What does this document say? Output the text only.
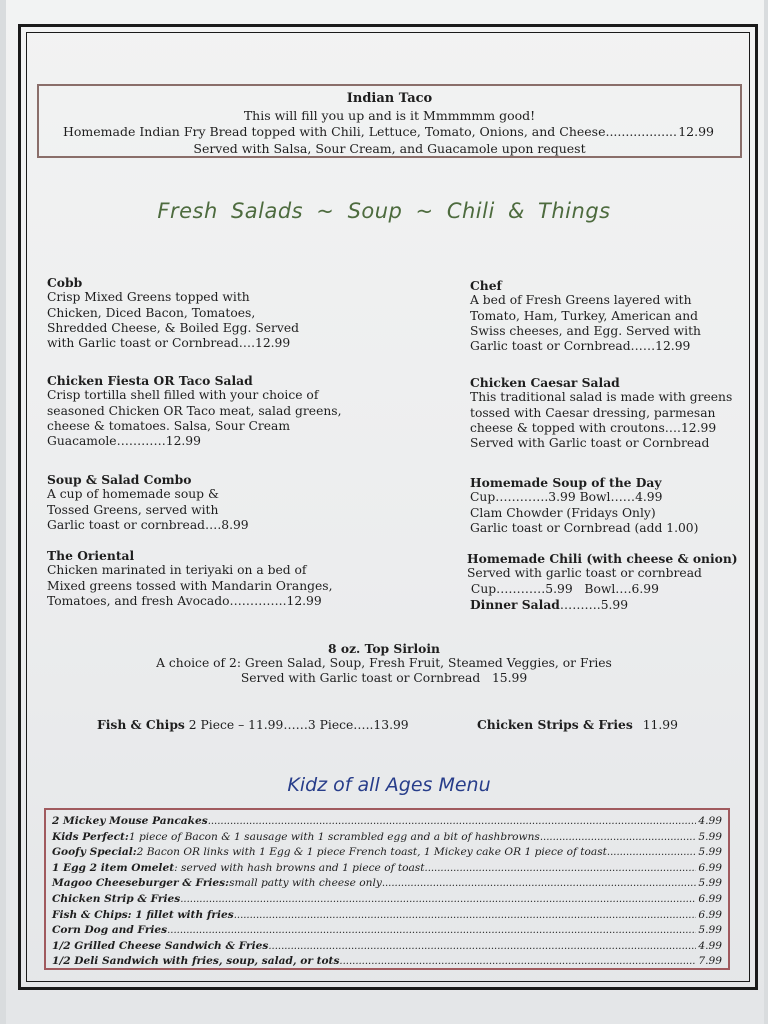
Indian Taco
This will fill you up and is it Mmmmmm good!
Homemade Indian Fry Bread topped with Chili, Lettuce, Tomato, Onions, and Cheese .....	12.99
Served with Salsa, Sour Cream, and Guacamole upon request
Fresh Salads ~ Soup ~ Chili & Things
Cobb
Crisp Mixed Greens topped with
Chicken, Diced Bacon, Tomatoes,
Shredded Cheese, & Boiled Egg. Served
with Garlic toast or Cornbread….12.99
Chicken Fiesta OR Taco Salad
Crisp tortilla shell filled with your choice of
seasoned Chicken OR Taco meat, salad greens,
cheese & tomatoes. Salsa, Sour Cream
Guacamole…………12.99
Soup & Salad Combo
A cup of homemade soup &
Tossed Greens, served with
Garlic toast or cornbread….8.99
The Oriental
Chicken marinated in teriyaki on a bed of
Mixed greens tossed with Mandarin Oranges,
Tomatoes, and fresh Avocado…………..12.99
Chef
A bed of Fresh Greens layered with
Tomato, Ham, Turkey, American and
Swiss cheeses, and Egg. Served with
Garlic toast or Cornbread……12.99
Chicken Caesar Salad
This traditional salad is made with greens
tossed with Caesar dressing, parmesan
cheese & topped with croutons….12.99
Served with Garlic toast or Cornbread
Homemade Soup of the Day
Cup………….3.99 Bowl……4.99
Clam Chowder (Fridays Only)
Garlic toast or Cornbread (add 1.00)
Homemade Chili (with cheese & onion)
Served with garlic toast or cornbread
Cup…………5.99   Bowl….6.99
Dinner Salad……….5.99
8 oz. Top Sirloin
A choice of 2: Green Salad, Soup, Fresh Fruit, Steamed Veggies, or Fries
Served with Garlic toast or Cornbread   15.99
Fish & Chips 2 Piece – 11.99……3 Piece…..13.99	Chicken Strips & Fries 11.99
Kidz of all Ages Menu
2 Mickey Mouse Pancakes .....	4.99
Kids Perfect: 1 piece of Bacon & 1 sausage with 1 scrambled egg and a bit of hashbrowns .....	5.99
Goofy Special: 2 Bacon OR links with 1 Egg & 1 piece French toast, 1 Mickey cake OR 1 piece of toast .....	5.99
1 Egg 2 item Omelet : served with hash browns and 1 piece of toast .....	6.99
Magoo Cheeseburger & Fries: small patty with cheese only .....	5.99
Chicken Strip & Fries .....	6.99
Fish & Chips: 1 fillet with fries .....	6.99
Corn Dog and Fries .....	5.99
1/2 Grilled Cheese Sandwich & Fries .....	4.99
1/2 Deli Sandwich with fries, soup, salad, or tots .....	7.99
